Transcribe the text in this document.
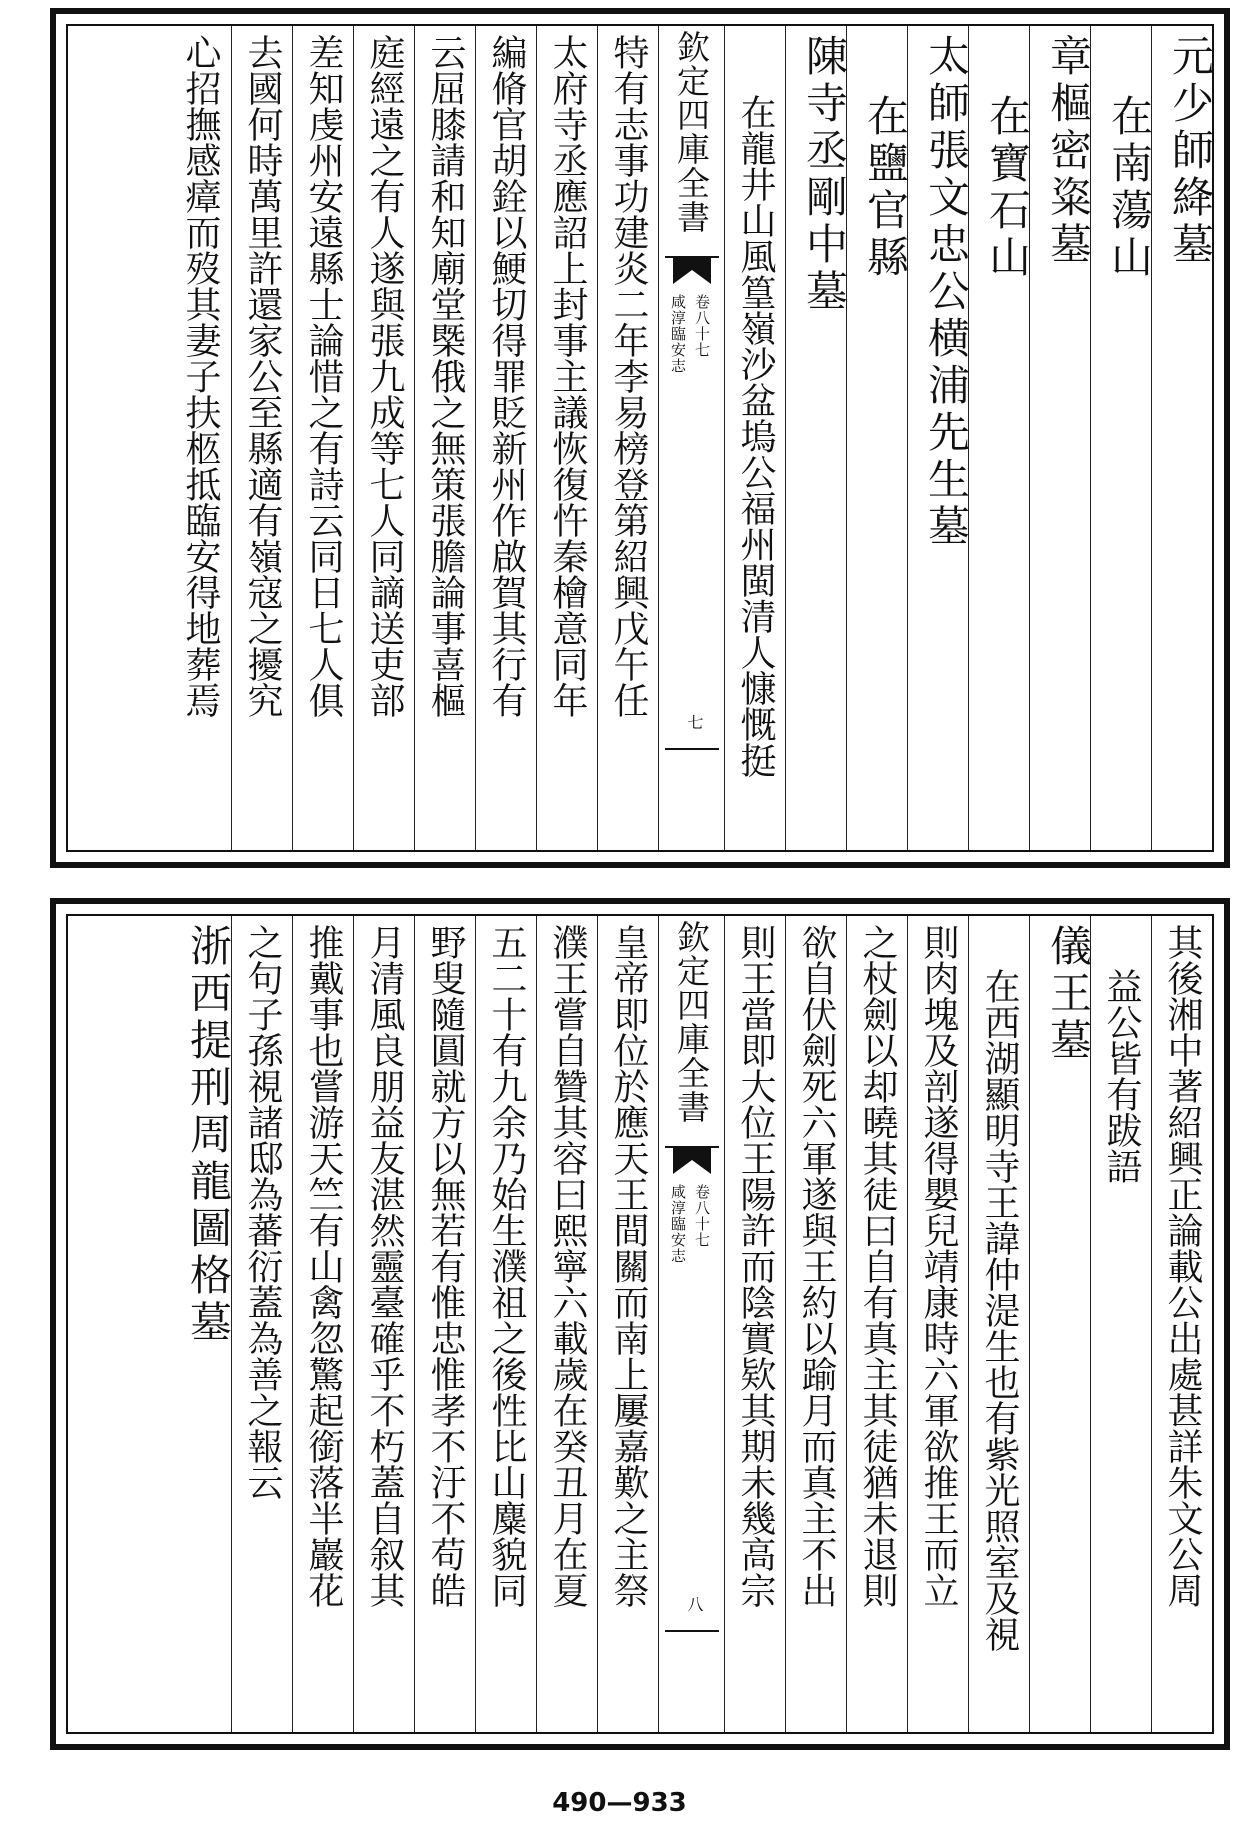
元少師絳墓
在南蕩山
章樞密粢墓
在寶石山
太師張文忠公横浦先生墓
在鹽官縣
陳寺丞剛中墓
在龍井山風篁嶺沙盆塢公福州閩清人慷慨挺
欽定四庫全書
咸淳臨安志 卷八十七
七
特有志事功建炎二年李易榜登第紹興戊午任
太府寺丞應詔上封事主議恢復忤秦檜意同年
編脩官胡銓以鯁切得罪貶新州作啟賀其行有
云屈膝請和知廟堂㮣俄之無策張膽論事喜樞
庭經遠之有人遂與張九成等七人同謫送吏部
差知虔州安遠縣士論惜之有詩云同日七人俱
去國何時萬里許還家公至縣適有嶺寇之擾究
心招撫感瘴而歿其妻子扶柩抵臨安得地葬焉
其後湘中著紹興正論載公出處甚詳朱文公周
益公皆有跋語
儀王墓
在西湖顯明寺王諱仲湜生也有紫光照室及視
則肉塊及剖遂得嬰兒靖康時六軍欲推王而立
之杖劍以却曉其徒曰自有真主其徒猶未退則
欲自伏劍死六軍遂與王約以踰月而真主不出
則王當即大位王陽許而陰實欵其期未幾高宗
欽定四庫全書
咸淳臨安志 卷八十七
八
皇帝即位於應天王間關而南上屢嘉歎之主祭
濮王嘗自贊其容曰熙寧六載歲在癸丑月在夏
五二十有九余乃始生濮祖之後性比山麋貌同
野叟隨圓就方以無若有惟忠惟孝不汙不苟皓
月清風良朋益友湛然靈臺確乎不朽蓋自叙其
推戴事也嘗游天竺有山禽忽驚起銜落半巖花
之句子孫視諸邸為蕃衍蓋為善之報云
浙西提刑周龍圖格墓
490—933
